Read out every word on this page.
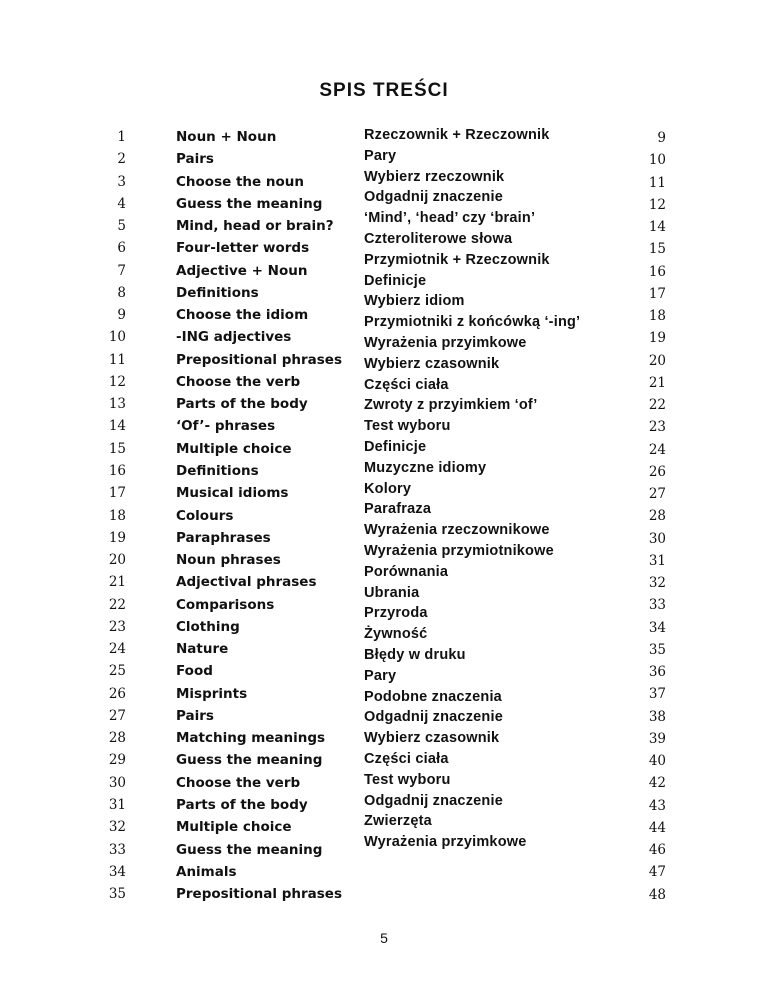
SPIS TREŚCI
1
2
3
4
5
6
7
8
9
10
11
12
13
14
15
16
17
18
19
20
21
22
23
24
25
26
27
28
29
30
31
32
33
34
35
Noun + Noun
Pairs
Choose the noun
Guess the meaning
Mind, head or brain?
Four-letter words
Adjective + Noun
Definitions
Choose the idiom
-ING adjectives
Prepositional phrases
Choose the verb
Parts of the body
‘Of’- phrases
Multiple choice
Definitions
Musical idioms
Colours
Paraphrases
Noun phrases
Adjectival phrases
Comparisons
Clothing
Nature
Food
Misprints
Pairs
Matching meanings
Guess the meaning
Choose the verb
Parts of the body
Multiple choice
Guess the meaning
Animals
Prepositional phrases
Rzeczownik + Rzeczownik
Pary
Wybierz rzeczownik
Odgadnij znaczenie
‘Mind’, ‘head’ czy ‘brain’
Czteroliterowe słowa
Przymiotnik + Rzeczownik
Definicje
Wybierz idiom
Przymiotniki z końcówką ‘-ing’
Wyrażenia przyimkowe
Wybierz czasownik
Części ciała
Zwroty z przyimkiem ‘of’
Test wyboru
Definicje
Muzyczne idiomy
Kolory
Parafraza
Wyrażenia rzeczownikowe
Wyrażenia przymiotnikowe
Porównania
Ubrania
Przyroda
Żywność
Błędy w druku
Pary
Podobne znaczenia
Odgadnij znaczenie
Wybierz czasownik
Części ciała
Test wyboru
Odgadnij znaczenie
Zwierzęta
Wyrażenia przyimkowe
9
10
11
12
14
15
16
17
18
19
20
21
22
23
24
26
27
28
30
31
32
33
34
35
36
37
38
39
40
42
43
44
46
47
48
5
